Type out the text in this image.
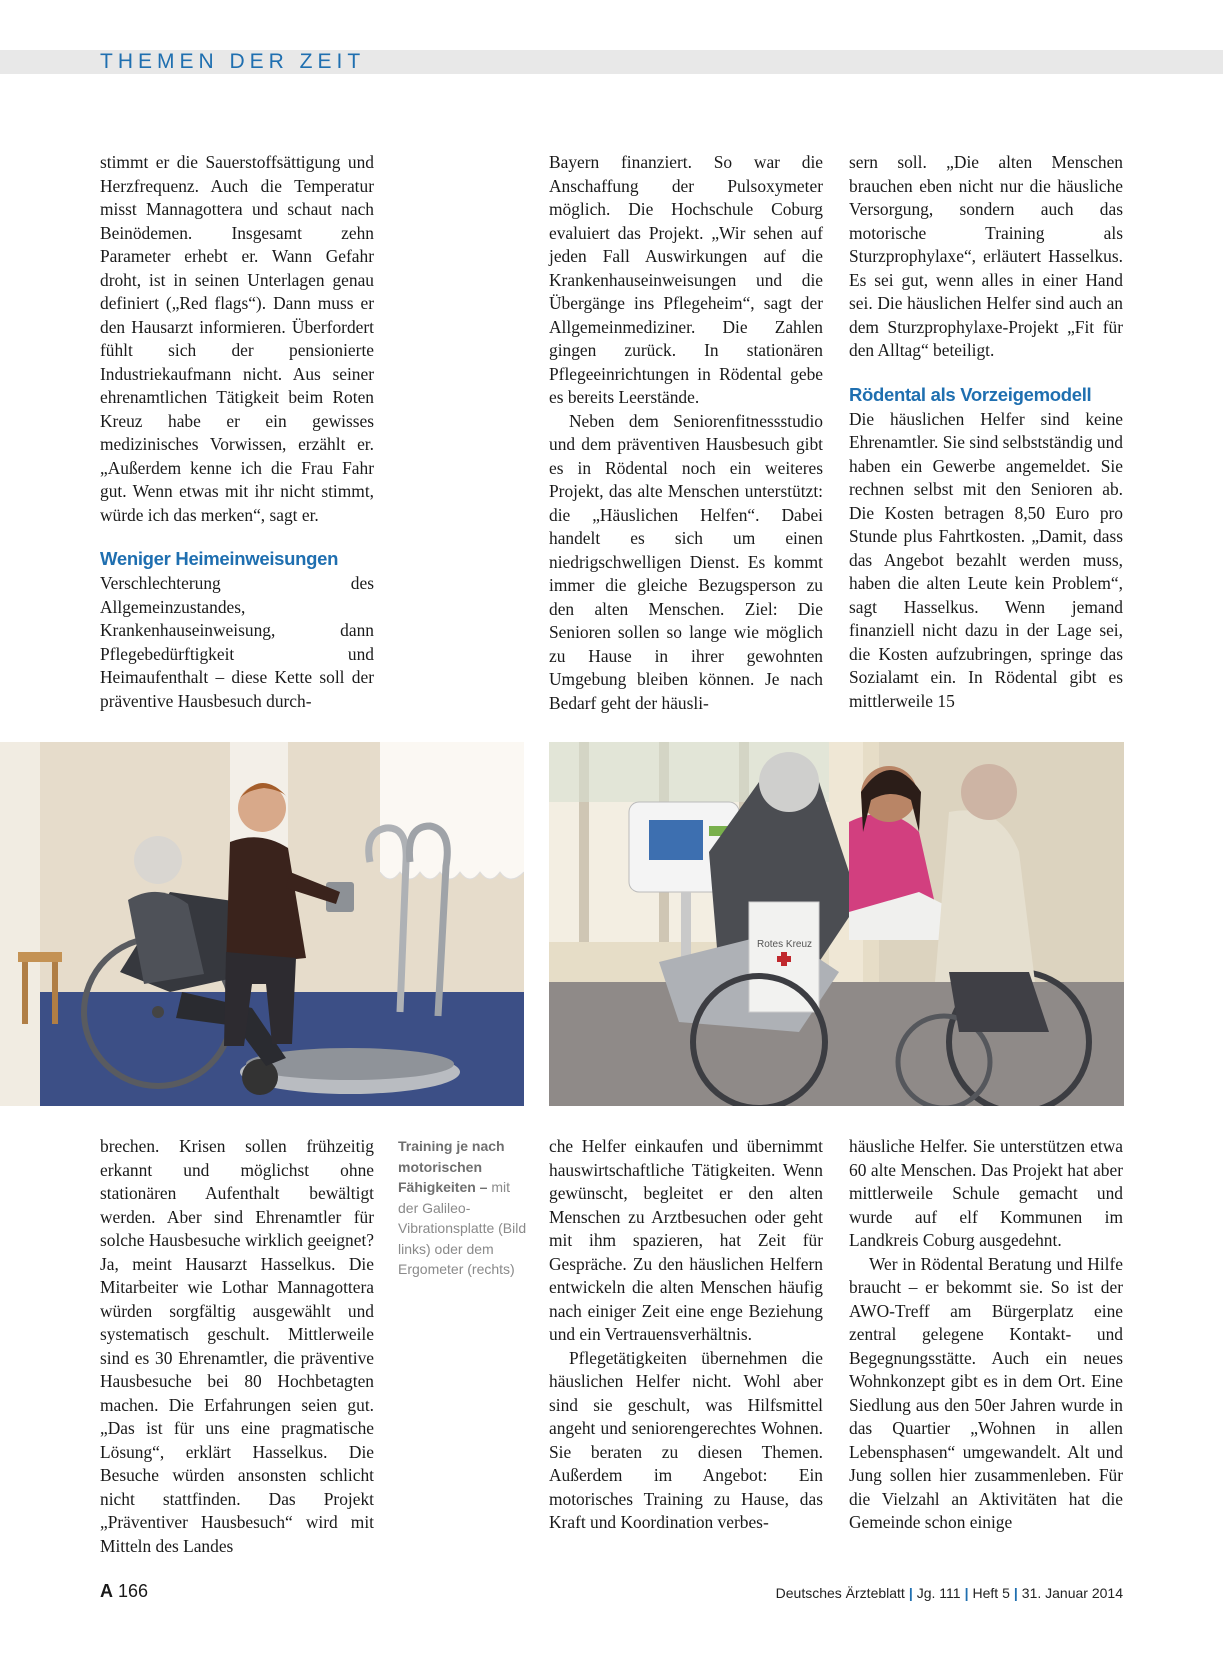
THEMEN DER ZEIT

stimmt er die Sauerstoffsättigung und Herzfrequenz. Auch die Temperatur misst Mannagottera und schaut nach Beinödemen. Insgesamt zehn Parameter erhebt er. Wann Gefahr droht, ist in seinen Unterlagen genau definiert („Red flags“). Dann muss er den Hausarzt informieren. Überfordert fühlt sich der pensionierte Industriekaufmann nicht. Aus seiner ehrenamtlichen Tätigkeit beim Roten Kreuz habe er ein gewisses medizinisches Vorwissen, erzählt er. „Außerdem kenne ich die Frau Fahr gut. Wenn etwas mit ihr nicht stimmt, würde ich das merken“, sagt er.

Weniger Heimeinweisungen

Verschlechterung des Allgemeinzustandes, Krankenhauseinweisung, dann Pflegebedürftigkeit und Heimaufenthalt – diese Kette soll der präventive Hausbesuch durch-

Bayern finanziert. So war die Anschaffung der Pulsoxymeter möglich. Die Hochschule Coburg evaluiert das Projekt. „Wir sehen auf jeden Fall Auswirkungen auf die Krankenhauseinweisungen und die Übergänge ins Pflegeheim“, sagt der Allgemeinmediziner. Die Zahlen gingen zurück. In stationären Pflegeeinrichtungen in Rödental gebe es bereits Leerstände.

Neben dem Seniorenfitnessstudio und dem präventiven Hausbesuch gibt es in Rödental noch ein weiteres Projekt, das alte Menschen unterstützt: die „Häuslichen Helfen“. Dabei handelt es sich um einen niedrigschwelligen Dienst. Es kommt immer die gleiche Bezugsperson zu den alten Menschen. Ziel: Die Senioren sollen so lange wie möglich zu Hause in ihrer gewohnten Umgebung bleiben können. Je nach Bedarf geht der häusli-

sern soll. „Die alten Menschen brauchen eben nicht nur die häusliche Versorgung, sondern auch das motorische Training als Sturzprophylaxe“, erläutert Hasselkus. Es sei gut, wenn alles in einer Hand sei. Die häuslichen Helfer sind auch an dem Sturzprophylaxe-Projekt „Fit für den Alltag“ beteiligt.

Rödental als Vorzeigemodell

Die häuslichen Helfer sind keine Ehrenamtler. Sie sind selbstständig und haben ein Gewerbe angemeldet. Sie rechnen selbst mit den Senioren ab. Die Kosten betragen 8,50 Euro pro Stunde plus Fahrtkosten. „Damit, dass das Angebot bezahlt werden muss, haben die alten Leute kein Problem“, sagt Hasselkus. Wenn jemand finanziell nicht dazu in der Lage sei, die Kosten aufzubringen, springe das Sozialamt ein. In Rödental gibt es mittlerweile 15

Rotes Kreuz
Training je nach motorischen Fähigkeiten – mit der Galileo-Vibrationsplatte (Bild links) oder dem Ergometer (rechts)

brechen. Krisen sollen frühzeitig erkannt und möglichst ohne stationären Aufenthalt bewältigt werden. Aber sind Ehrenamtler für solche Hausbesuche wirklich geeignet? Ja, meint Hausarzt Hasselkus. Die Mitarbeiter wie Lothar Mannagottera würden sorgfältig ausgewählt und systematisch geschult. Mittlerweile sind es 30 Ehrenamtler, die präventive Hausbesuche bei 80 Hochbetagten machen. Die Erfahrungen seien gut. „Das ist für uns eine pragmatische Lösung“, erklärt Hasselkus. Die Besuche würden ansonsten schlicht nicht stattfinden. Das Projekt „Präventiver Hausbesuch“ wird mit Mitteln des Landes

che Helfer einkaufen und übernimmt hauswirtschaftliche Tätigkeiten. Wenn gewünscht, begleitet er den alten Menschen zu Arztbesuchen oder geht mit ihm spazieren, hat Zeit für Gespräche. Zu den häuslichen Helfern entwickeln die alten Menschen häufig nach einiger Zeit eine enge Beziehung und ein Vertrauensverhältnis.

Pflegetätigkeiten übernehmen die häuslichen Helfer nicht. Wohl aber sind sie geschult, was Hilfsmittel angeht und seniorengerechtes Wohnen. Sie beraten zu diesen Themen. Außerdem im Angebot: Ein motorisches Training zu Hause, das Kraft und Koordination verbes-

häusliche Helfer. Sie unterstützen etwa 60 alte Menschen. Das Projekt hat aber mittlerweile Schule gemacht und wurde auf elf Kommunen im Landkreis Coburg ausgedehnt.

Wer in Rödental Beratung und Hilfe braucht – er bekommt sie. So ist der AWO-Treff am Bürgerplatz eine zentral gelegene Kontakt- und Begegnungsstätte. Auch ein neues Wohnkonzept gibt es in dem Ort. Eine Siedlung aus den 50er Jahren wurde in das Quartier „Wohnen in allen Lebensphasen“ umgewandelt. Alt und Jung sollen hier zusammenleben. Für die Vielzahl an Aktivitäten hat die Gemeinde schon einige

A 166	Deutsches Ärzteblatt | Jg. 111 | Heft 5 | 31. Januar 2014
